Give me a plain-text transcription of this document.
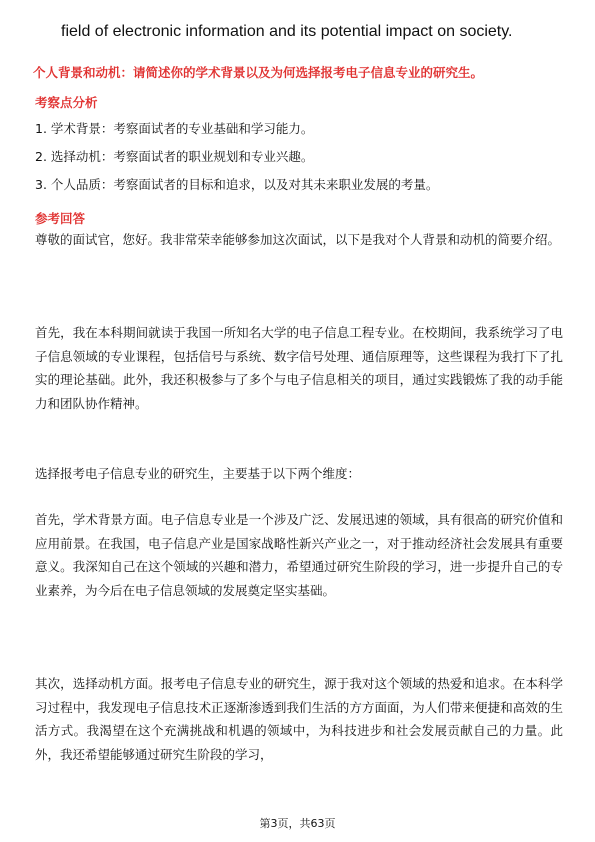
field of electronic information and its potential impact on society.
个人背景和动机：请简述你的学术背景以及为何选择报考电子信息专业的研究生。
考察点分析
1. 学术背景：考察面试者的专业基础和学习能力。
2. 选择动机：考察面试者的职业规划和专业兴趣。
3. 个人品质：考察面试者的目标和追求，以及对其未来职业发展的考量。
参考回答
尊敬的面试官，您好。我非常荣幸能够参加这次面试，以下是我对个人背景和动机的简要介绍。
首先，我在本科期间就读于我国一所知名大学的电子信息工程专业。在校期间，我系统学习了电子信息领域的专业课程，包括信号与系统、数字信号处理、通信原理等，这些课程为我打下了扎实的理论基础。此外，我还积极参与了多个与电子信息相关的项目，通过实践锻炼了我的动手能力和团队协作精神。
选择报考电子信息专业的研究生，主要基于以下两个维度：
首先，学术背景方面。电子信息专业是一个涉及广泛、发展迅速的领域，具有很高的研究价值和应用前景。在我国，电子信息产业是国家战略性新兴产业之一，对于推动经济社会发展具有重要意义。我深知自己在这个领域的兴趣和潜力，希望通过研究生阶段的学习，进一步提升自己的专业素养，为今后在电子信息领域的发展奠定坚实基础。
其次，选择动机方面。报考电子信息专业的研究生，源于我对这个领域的热爱和追求。在本科学习过程中，我发现电子信息技术正逐渐渗透到我们生活的方方面面，为人们带来便捷和高效的生活方式。我渴望在这个充满挑战和机遇的领域中，为科技进步和社会发展贡献自己的力量。此外，我还希望能够通过研究生阶段的学习，
第3页，共63页
